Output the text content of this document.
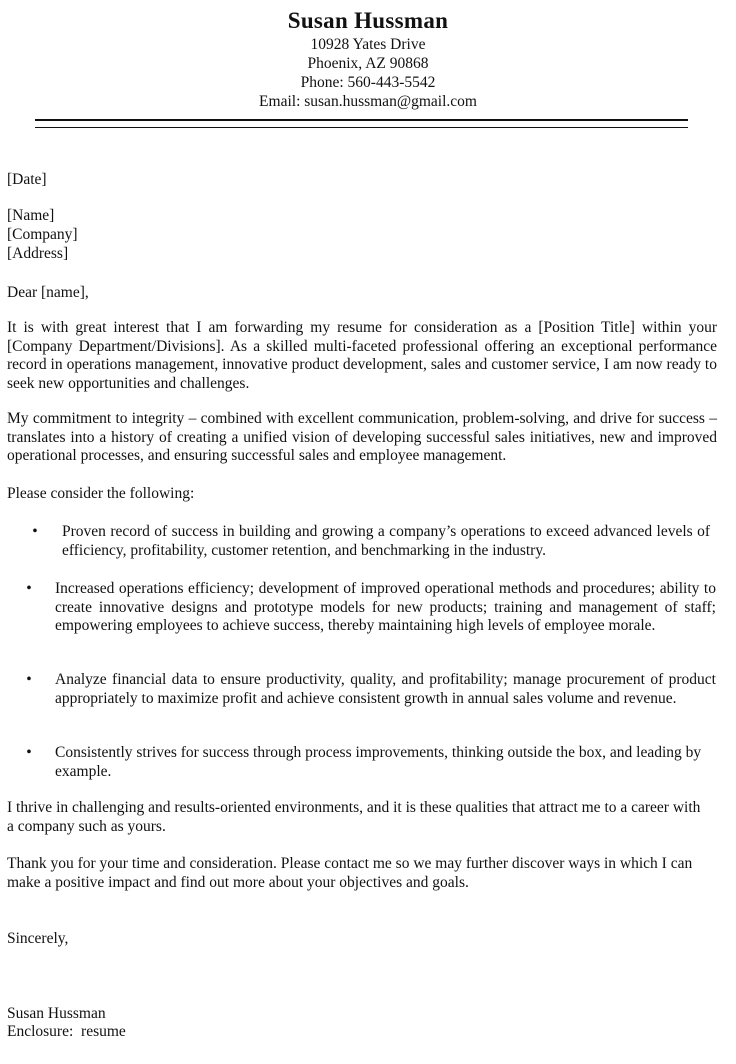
Susan Hussman
10928 Yates Drive
Phoenix, AZ 90868
Phone: 560-443-5542
Email: susan.hussman@gmail.com
[Date]
[Name]
[Company]
[Address]
Dear [name],

It is with great interest that I am forwarding my resume for consideration as a [Position Title] within your [Company Department/Divisions]. As a skilled multi-faceted professional offering an exceptional performance record in operations management, innovative product development, sales and customer service, I am now ready to seek new opportunities and challenges.

My commitment to integrity – combined with excellent communication, problem-solving, and drive for success – translates into a history of creating a unified vision of developing successful sales initiatives, new and improved operational processes, and ensuring successful sales and employee management.

Please consider the following:
• Proven record of success in building and growing a company’s operations to exceed advanced levels of efficiency, profitability, customer retention, and benchmarking in the industry.
• Increased operations efficiency; development of improved operational methods and procedures; ability to create innovative designs and prototype models for new products; training and management of staff; empowering employees to achieve success, thereby maintaining high levels of employee morale.
• Analyze financial data to ensure productivity, quality, and profitability; manage procurement of product appropriately to maximize profit and achieve consistent growth in annual sales volume and revenue.
• Consistently strives for success through process improvements, thinking outside the box, and leading by example.

I thrive in challenging and results-oriented environments, and it is these qualities that attract me to a career with a company such as yours.

Thank you for your time and consideration. Please contact me so we may further discover ways in which I can make a positive impact and find out more about your objectives and goals.

Sincerely,
Susan Hussman
Enclosure:  resume
